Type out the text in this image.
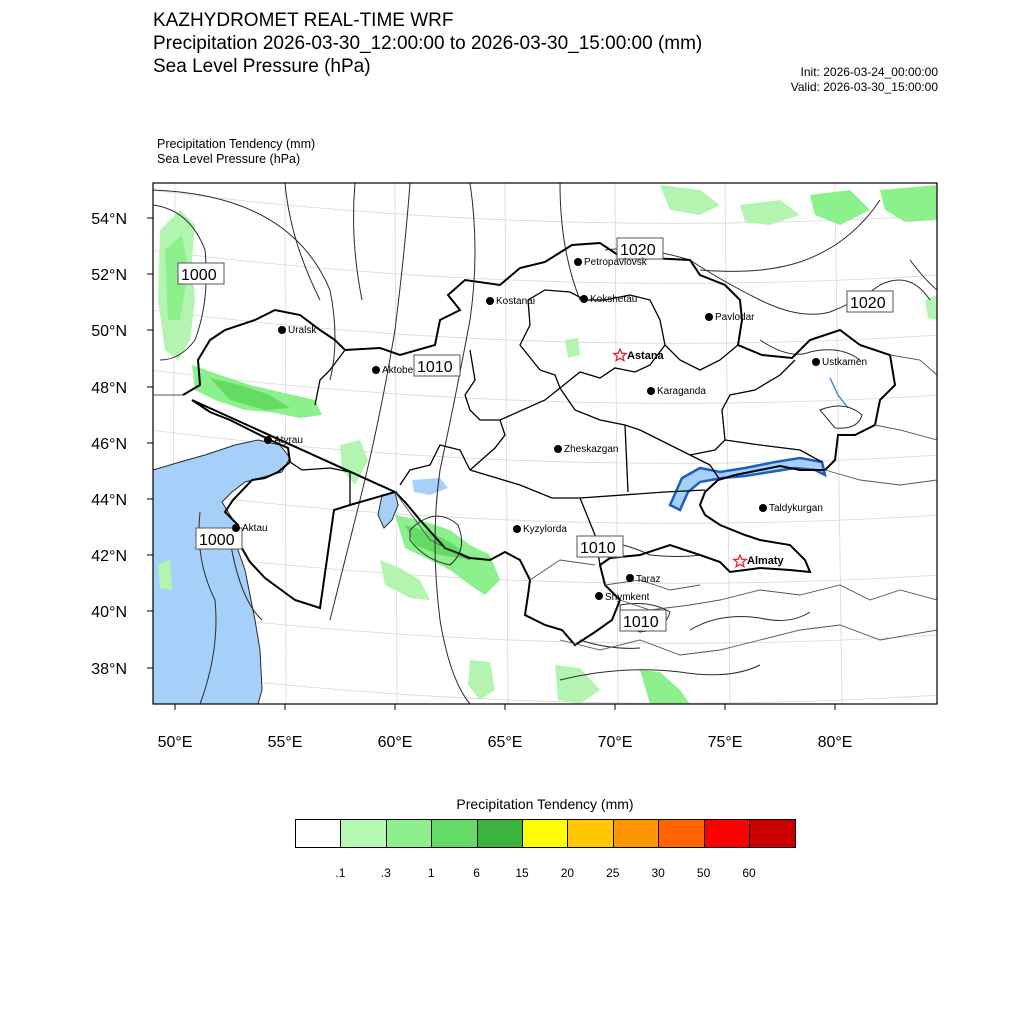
KAZHYDROMET REAL-TIME WRF
Precipitation 2026-03-30_12:00:00 to 2026-03-30_15:00:00 (mm)
Sea Level Pressure (hPa)	Init: 2026-03-24_00:00:00
Valid: 2026-03-30_15:00:00
Precipitation Tendency (mm)
Sea Level Pressure (hPa)
54°N
52°N
50°N
48°N
46°N
44°N
42°N
40°N
38°N
50°E	55°E	60°E	65°E	70°E	75°E	80°E
1000
1000
1010
1010
1010
1020
1020
Petropavlovsk
Kostanai	Kokshetau
Pavlodar
Uralsk
Aktobe
Astana
Ustkamen
Karaganda
Atyrau
Zheskazgan
Aktau	Kyzylorda
Taldykurgan
Almaty
Taraz
Shymkent
Precipitation Tendency (mm)
.1	.3	1	6	15	20	25	30	50	60
